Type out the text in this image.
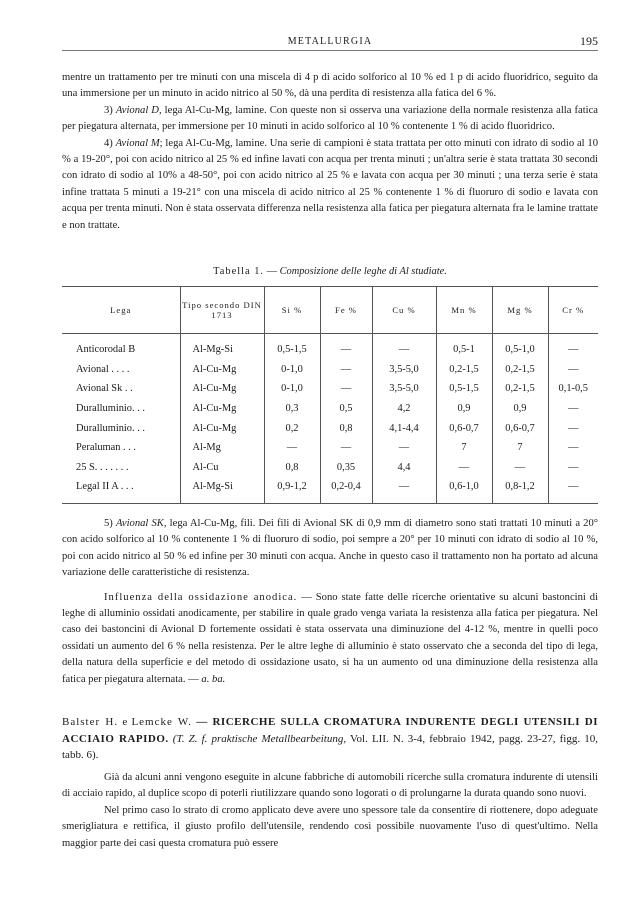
METALLURGIA	195

mentre un trattamento per tre minuti con una miscela di 4 p di acido solforico al 10 % ed 1 p di acido fluoridrico, seguito da una immersione per un minuto in acido nitrico al 50 %, dà una perdita di resistenza alla fatica del 6 %.

3) Avional D, lega Al-Cu-Mg, lamine. Con queste non si osserva una variazione della normale resistenza alla fatica per piegatura alternata, per immersione per 10 minuti in acido solforico al 10 % contenente 1 % di acido fluoridrico.

4) Avional M; lega Al-Cu-Mg, lamine. Una serie di campioni è stata trattata per otto minuti con idrato di sodio al 10 % a 19-20°, poi con acido nitrico al 25 % ed infine lavati con acqua per trenta minuti ; un'altra serie è stata trattata 30 secondi con idrato di sodio al 10% a 48-50°, poi con acido nitrico al 25 % e lavata con acqua per 30 minuti ; una terza serie è stata infine trattata 5 minuti a 19-21° con una miscela di acido nitrico al 25 % contenente 1 % di fluoruro di sodio e lavata con acqua per trenta minuti. Non è stata osservata differenza nella resistenza alla fatica per piegatura alternata fra le lamine trattate e non trattate.

Tabella 1. — Composizione delle leghe di Al studiate.
Lega	Tipo secondo DIN 1713	Si %	Fe %	Cu %	Mn %	Mg %	Cr %
Anticorodal B	Al-Mg-Si	0,5-1,5	—	—	0,5-1	0,5-1,0	—
Avional . . . .	Al-Cu-Mg	0-1,0	—	3,5-5,0	0,2-1,5	0,2-1,5	—
Avional Sk . .	Al-Cu-Mg	0-1,0	—	3,5-5,0	0,5-1,5	0,2-1,5	0,1-0,5
Duralluminio. . .	Al-Cu-Mg	0,3	0,5	4,2	0,9	0,9	—
Duralluminio. . .	Al-Cu-Mg	0,2	0,8	4,1-4,4	0,6-0,7	0,6-0,7	—
Peraluman . . .	Al-Mg	—	—	—	7	7	—
25 S. . . . . . .	Al-Cu	0,8	0,35	4,4	—	—	—
Legal II A . . .	Al-Mg-Si	0,9-1,2	0,2-0,4	—	0,6-1,0	0,8-1,2	—

5) Avional SK, lega Al-Cu-Mg, fili. Dei fili di Avional SK di 0,9 mm di diametro sono stati trattati 10 minuti a 20° con acido solforico al 10 % contenente 1 % di fluoruro di sodio, poi sempre a 20° per 10 minuti con idrato di sodio al 10 %, poi con acido nitrico al 50 % ed infine per 30 minuti con acqua. Anche in questo caso il trattamento non ha portato ad alcuna variazione delle caratteristiche di resistenza.

Influenza della ossidazione anodica. — Sono state fatte delle ricerche orientative su alcuni bastoncini di leghe di alluminio ossidati anodicamente, per stabilire in quale grado venga variata la resistenza alla fatica per piegatura. Nel caso dei bastoncini di Avional D fortemente ossidati è stata osservata una diminuzione del 4-12 %, mentre in quelli poco ossidati un aumento del 6 % nella resistenza. Per le altre leghe di alluminio è stato osservato che a seconda del tipo di lega, della natura della superficie e del metodo di ossidazione usato, si ha un aumento od una diminuzione della resistenza alla fatica per piegatura alternata. — a. ba.

Balster H. e Lemcke W. — RICERCHE SULLA CROMATURA INDURENTE DEGLI UTENSILI DI ACCIAIO RAPIDO. (T. Z. f. praktische Metallbearbeitung, Vol. LII. N. 3-4, febbraio 1942, pagg. 23-27, figg. 10, tabb. 6).

Già da alcuni anni vengono eseguite in alcune fabbriche di automobili ricerche sulla cromatura indurente di utensili di acciaio rapido, al duplice scopo di poterli riutilizzare quando sono logorati o di prolungarne la durata quando sono nuovi.

Nel primo caso lo strato di cromo applicato deve avere uno spessore tale da consentire di riottenere, dopo adeguate smerigliatura e rettifica, il giusto profilo dell'utensile, rendendo così possibile nuovamente l'uso di quest'ultimo. Nella maggior parte dei casi questa cromatura può essere
